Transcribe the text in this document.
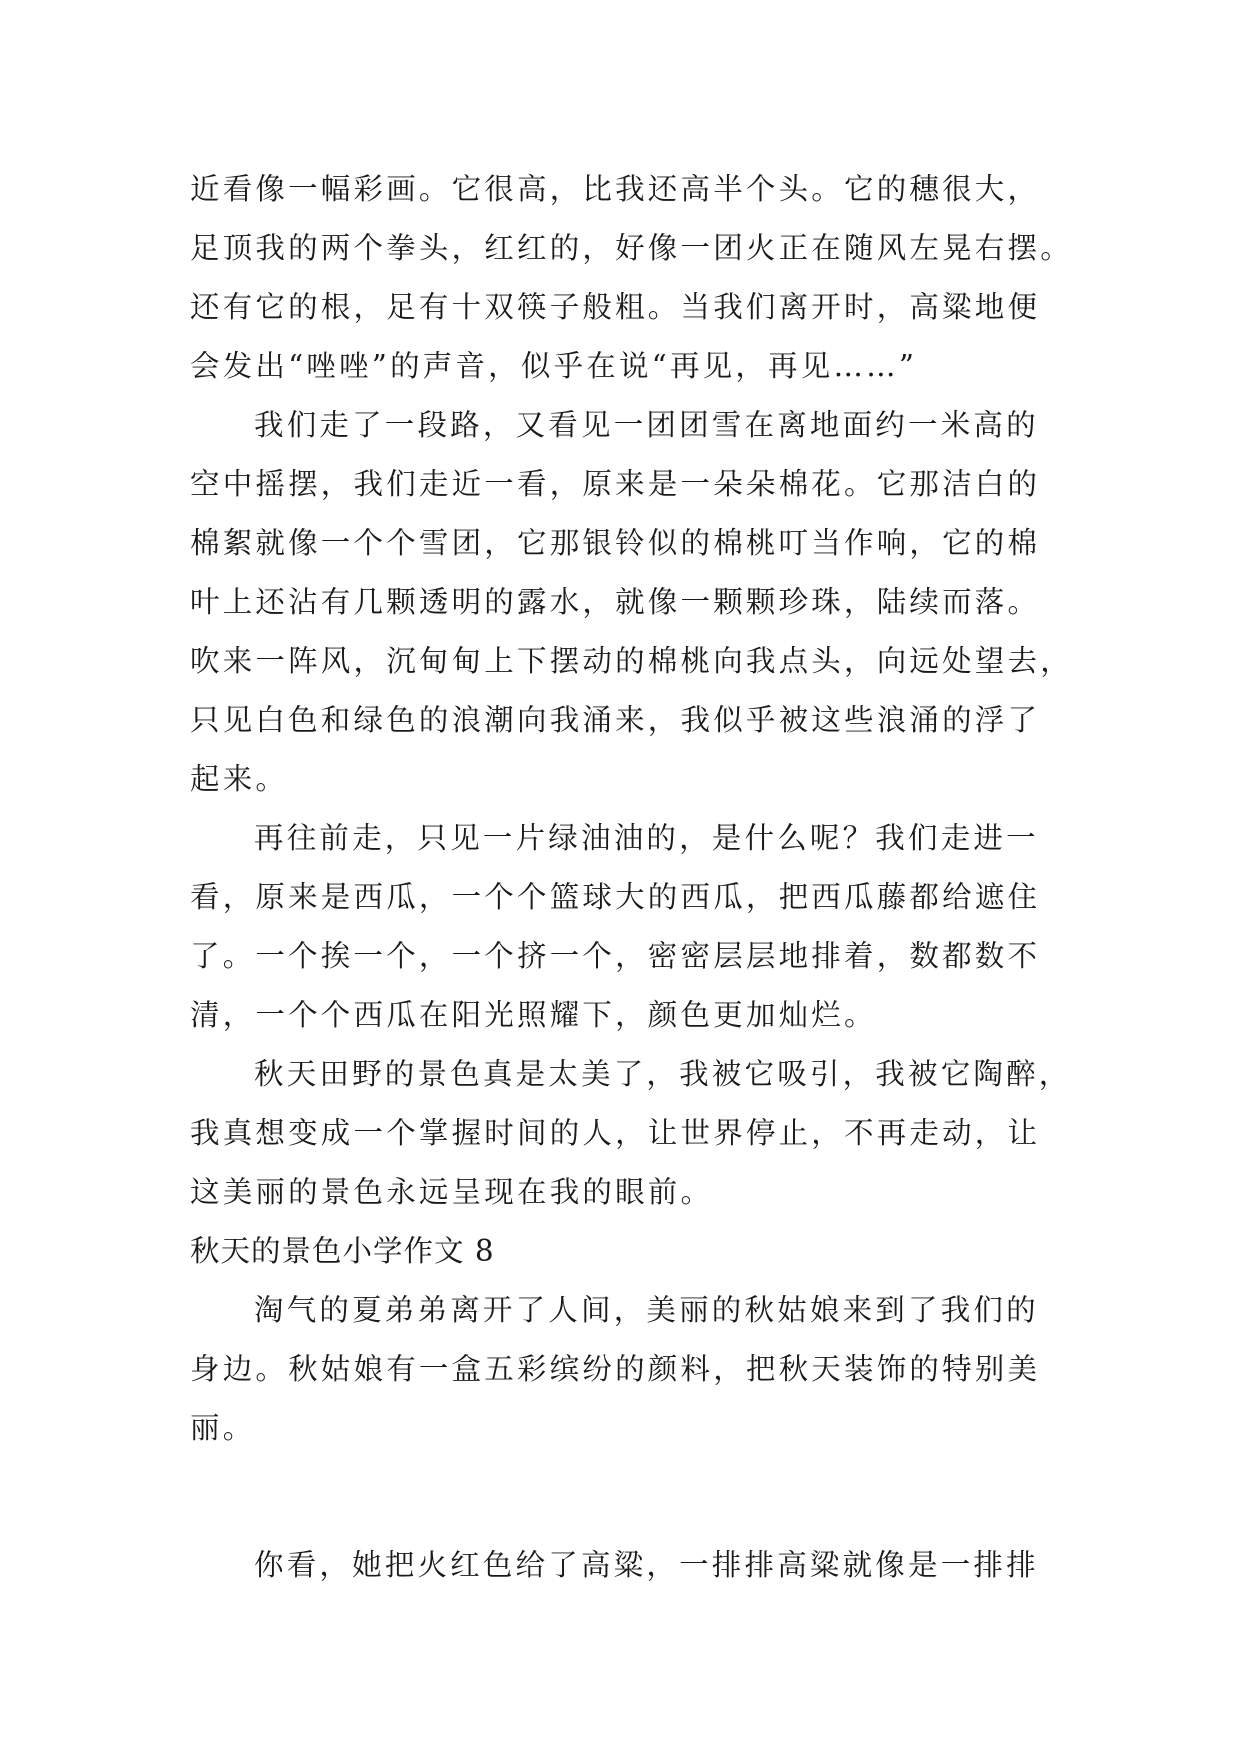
近看像一幅彩画。它很高，比我还高半个头。它的穗很大，
足顶我的两个拳头，红红的，好像一团火正在随风左晃右摆。
还有它的根，足有十双筷子般粗。当我们离开时，高粱地便
会发出“唑唑”的声音，似乎在说“再见，再见……”
我们走了一段路，又看见一团团雪在离地面约一米高的
空中摇摆，我们走近一看，原来是一朵朵棉花。它那洁白的
棉絮就像一个个雪团，它那银铃似的棉桃叮当作响，它的棉
叶上还沾有几颗透明的露水，就像一颗颗珍珠，陆续而落。
吹来一阵风，沉甸甸上下摆动的棉桃向我点头，向远处望去，
只见白色和绿色的浪潮向我涌来，我似乎被这些浪涌的浮了
起来。
再往前走，只见一片绿油油的，是什么呢？我们走进一
看，原来是西瓜，一个个篮球大的西瓜，把西瓜藤都给遮住
了。一个挨一个，一个挤一个，密密层层地排着，数都数不
清，一个个西瓜在阳光照耀下，颜色更加灿烂。
秋天田野的景色真是太美了，我被它吸引，我被它陶醉，
我真想变成一个掌握时间的人，让世界停止，不再走动，让
这美丽的景色永远呈现在我的眼前。
秋天的景色小学作文 8
淘气的夏弟弟离开了人间，美丽的秋姑娘来到了我们的
身边。秋姑娘有一盒五彩缤纷的颜料，把秋天装饰的特别美
丽。
你看，她把火红色给了高粱，一排排高粱就像是一排排
